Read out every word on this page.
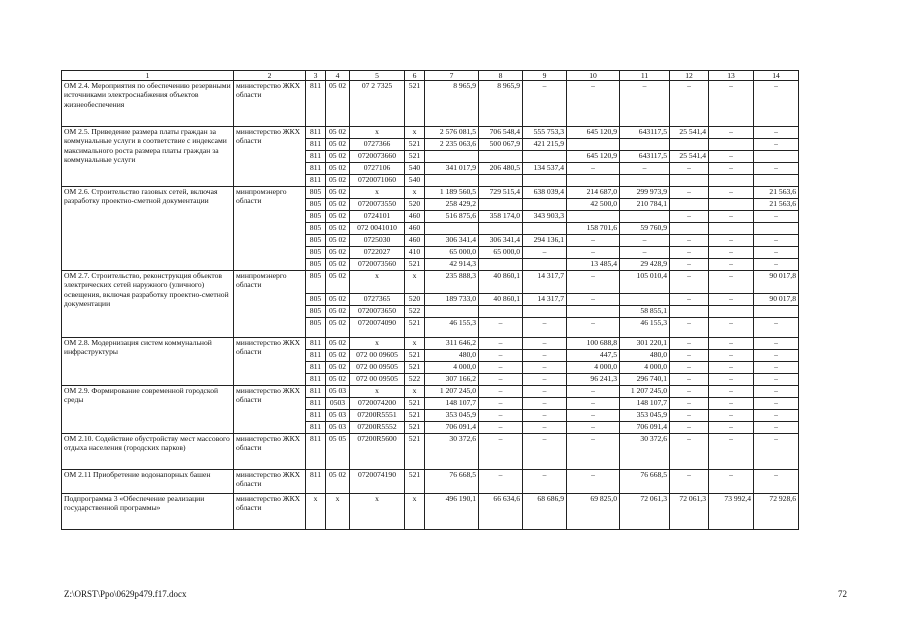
1	2	3	4	5	6	7	8	9	10	11	12	13	14
ОМ 2.4. Мероприятия по обеспечению резервными источниками электроснабжения объектов жизнеобеспечения	министерство ЖКХ области	811	05 02	07 2 7325	521	8 965,9	8 965,9	–	–	–	–	–	–
ОМ 2.5. Приведение размера платы граждан за коммунальные услуги в соответствие с индексами максимального роста размера платы граждан за коммунальные услуги	министерство ЖКХ области	811	05 02	х	х	2 576 081,5	706 548,4	555 753,3	645 120,9	643117,5	25 541,4	–	–
		811	05 02	0727366	521	2 235 063,6	500 067,9	421 215,9					–
		811	05 02	0720073660	521				645 120,9	643117,5	25 541,4	–	
		811	05 02	0727106	540	341 017,9	206 480,5	134 537,4	–	–	–	–	–
		811	05 02	0720071060	540								
ОМ 2.6. Строительство газовых сетей, включая разработку проектно-сметной документации	минпромэнерго области	805	05 02	х	х	1 189 560,5	729 515,4	638 039,4	214 687,0	299 973,9	–	–	21 563,6
		805	05 02	0720073550	520	258 429,2			42 500,0	210 784,1			21 563,6
		805	05 02	0724101	460	516 875,6	358 174,0	343 903,3			–	–	–
		805	05 02	072 0041010	460				158 701,6	59 760,9			
		805	05 02	0725030	460	306 341,4	306 341,4	294 136,1	–	–	–	–	–
		805	05 02	0722027	410	65 000,0	65 000,0	–	–	–	–	–	–
		805	05 02	0720073560	521	42 914,3			13 485,4	29 428,9	–	–	–
ОМ 2.7. Строительство, реконструкция объектов электрических сетей наружного (уличного) освещения, включая разработку проектно-сметной документации	минпромэнерго области	805	05 02	х	х	235 888,3	40 860,1	14 317,7	–	105 010,4	–	–	90 017,8
		805	05 02	0727365	520	189 733,0	40 860,1	14 317,7	–		–	–	90 017,8
		805	05 02	0720073650	522					58 855,1			
		805	05 02	0720074090	521	46 155,3	–	–	–	46 155,3	–	–	–
ОМ 2.8. Модернизация систем коммунальной инфраструктуры	министерство ЖКХ области	811	05 02	х	х	311 646,2	–	–	100 688,8	301 220,1	–	–	–
		811	05 02	072 00 09605	521	480,0	–	–	447,5	480,0	–	–	–
		811	05 02	072 00 09505	521	4 000,0	–	–	4 000,0	4 000,0	–	–	–
		811	05 02	072 00 09505	522	307 166,2	–	–	96 241,3	296 740,1	–	–	–
ОМ 2.9. Формирование современной городской среды	министерство ЖКХ области	811	05 03	х	х	1 207 245,0	–	–	–	1 207 245,0	–	–	–
		811	0503	0720074200	521	148 107,7	–	–	–	148 107,7	–	–	–
		811	05 03	07200R5551	521	353 045,9	–	–	–	353 045,9	–	–	–
		811	05 03	07200R5552	521	706 091,4	–	–	–	706 091,4	–	–	–
ОМ 2.10. Содействие обустройству мест массового отдыха населения (городских парков)	министерство ЖКХ области	811	05 05	07200R5600	521	30 372,6	–	–	–	30 372,6	–	–	–
ОМ 2.11 Приобретение водонапорных башен	министерство ЖКХ области	811	05 02	0720074190	521	76 668,5	–	–	–	76 668,5	–	–	–
Подпрограмма 3 «Обеспечение реализации государственной программы»	министерство ЖКХ области	х	х	х	х	496 190,1	66 634,6	68 686,9	69 825,0	72 061,3	72 061,3	73 992,4	72 928,6
Z:\ORST\Ppo\0629p479.f17.docx	72
